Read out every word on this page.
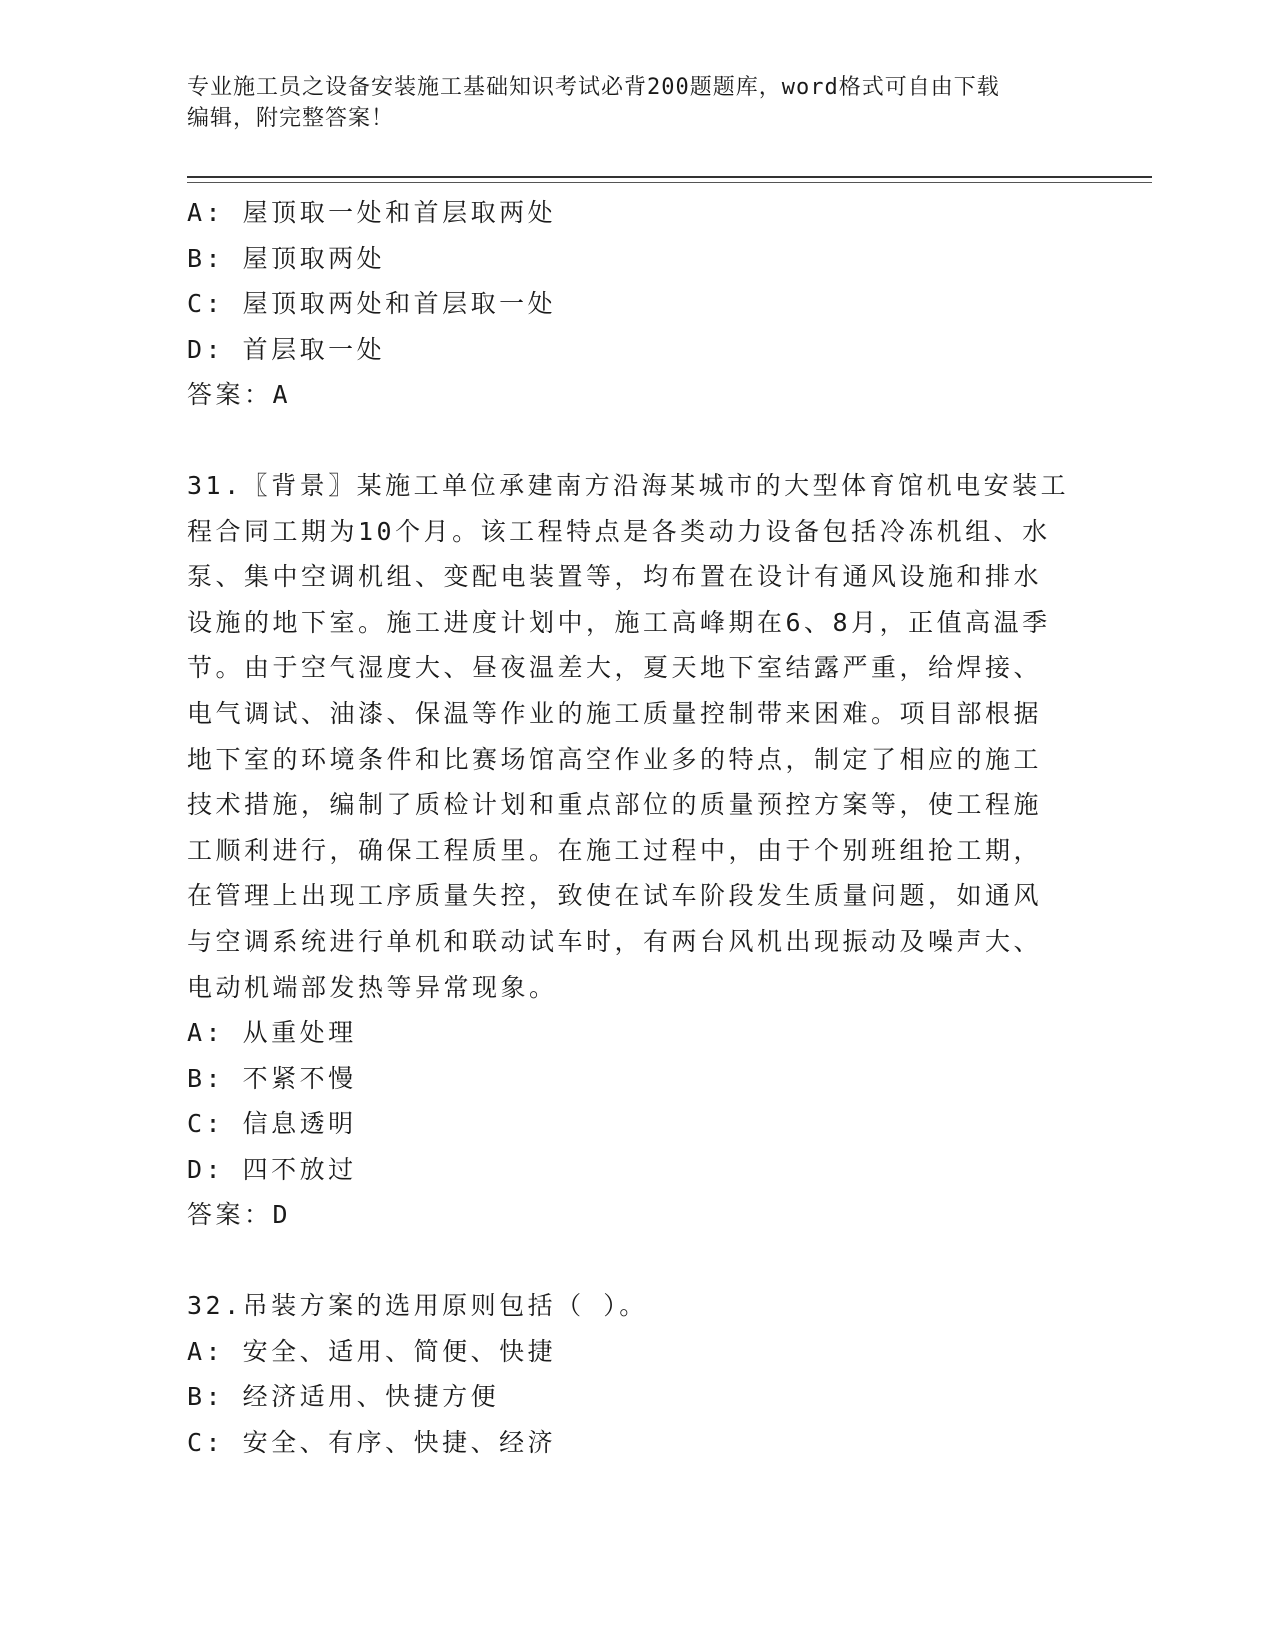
专业施工员之设备安装施工基础知识考试必背200题题库，word格式可自由下载
编辑，附完整答案！
A: 屋顶取一处和首层取两处
B: 屋顶取两处
C: 屋顶取两处和首层取一处
D: 首层取一处
答案：A
31.〖背景〗某施工单位承建南方沿海某城市的大型体育馆机电安装工
程合同工期为10个月。该工程特点是各类动力设备包括冷冻机组、水
泵、集中空调机组、变配电装置等，均布置在设计有通风设施和排水
设施的地下室。施工进度计划中，施工高峰期在6、8月，正值高温季
节。由于空气湿度大、昼夜温差大，夏天地下室结露严重，给焊接、
电气调试、油漆、保温等作业的施工质量控制带来困难。项目部根据
地下室的环境条件和比赛场馆高空作业多的特点，制定了相应的施工
技术措施，编制了质检计划和重点部位的质量预控方案等，使工程施
工顺利进行，确保工程质里。在施工过程中，由于个别班组抢工期，
在管理上出现工序质量失控，致使在试车阶段发生质量问题，如通风
与空调系统进行单机和联动试车时，有两台风机出现振动及噪声大、
电动机端部发热等异常现象。
A: 从重处理
B: 不紧不慢
C: 信息透明
D: 四不放过
答案：D
32.吊装方案的选用原则包括（ ）。
A: 安全、适用、简便、快捷
B: 经济适用、快捷方便
C: 安全、有序、快捷、经济
